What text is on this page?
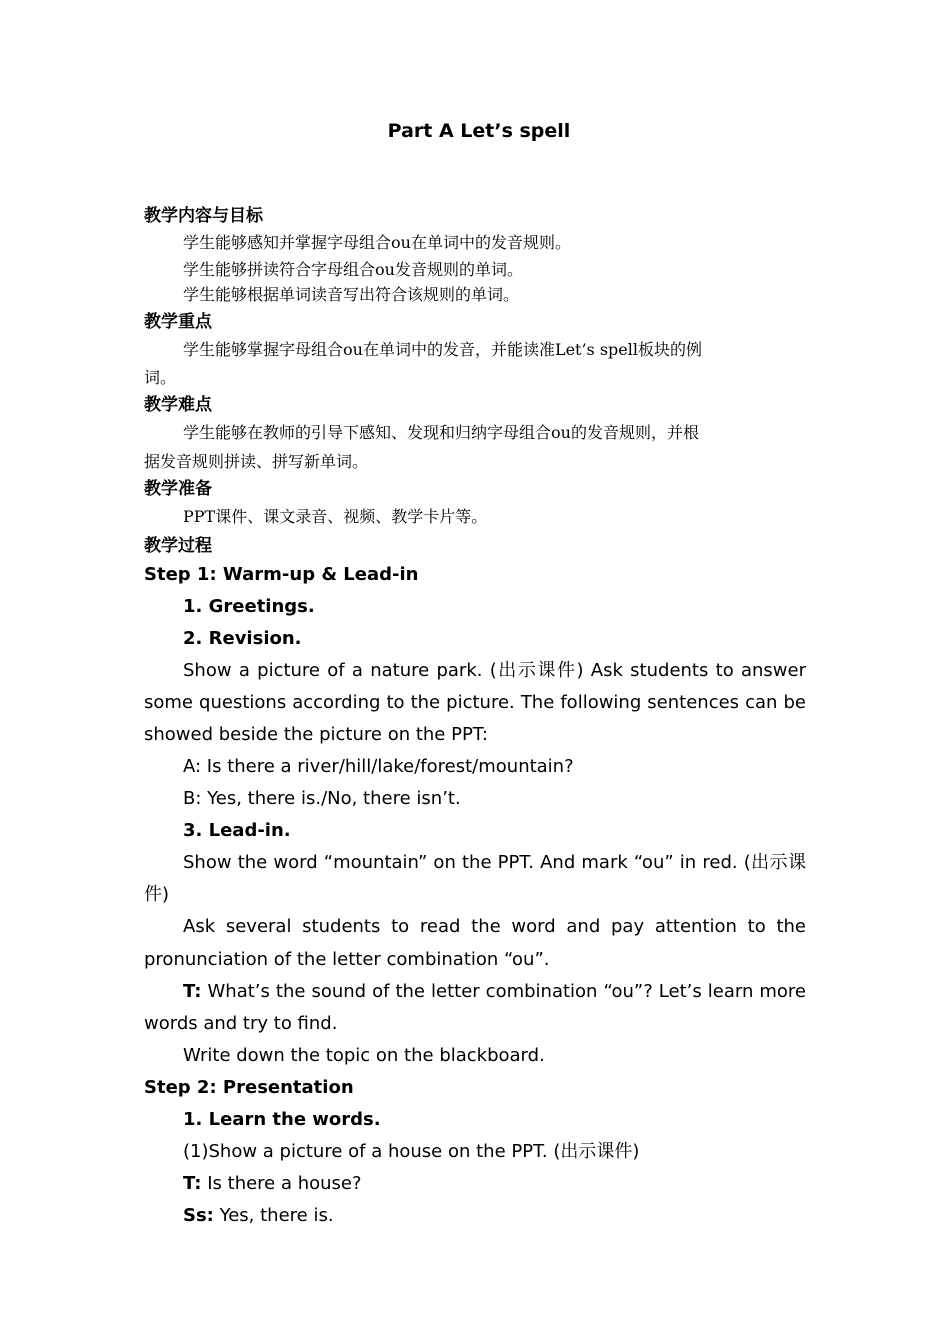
Part A Let’s spell
教学内容与目标
学生能够感知并掌握字母组合ou在单词中的发音规则。
学生能够拼读符合字母组合ou发音规则的单词。
学生能够根据单词读音写出符合该规则的单词。
教学重点
学生能够掌握字母组合ou在单词中的发音，并能读准Let’s spell板块的例
词。
教学难点
学生能够在教师的引导下感知、发现和归纳字母组合ou的发音规则，并根
据发音规则拼读、拼写新单词。
教学准备
PPT课件、课文录音、视频、教学卡片等。
教学过程
Step 1: Warm-up & Lead-in
1. Greetings.
2. Revision.
Show a picture of a nature park. (出示课件) Ask students to answer
some questions according to the picture. The following sentences can be
showed beside the picture on the PPT:
A: Is there a river/hill/lake/forest/mountain?
B: Yes, there is./No, there isn’t.
3. Lead-in.
Show the word “mountain” on the PPT. And mark “ou” in red. (出示课
件)
Ask several students to read the word and pay attention to the
pronunciation of the letter combination “ou”.
T: What’s the sound of the letter combination “ou”? Let’s learn more
words and try to find.
Write down the topic on the blackboard.
Step 2: Presentation
1. Learn the words.
(1)Show a picture of a house on the PPT. (出示课件)
T: Is there a house?
Ss: Yes, there is.
